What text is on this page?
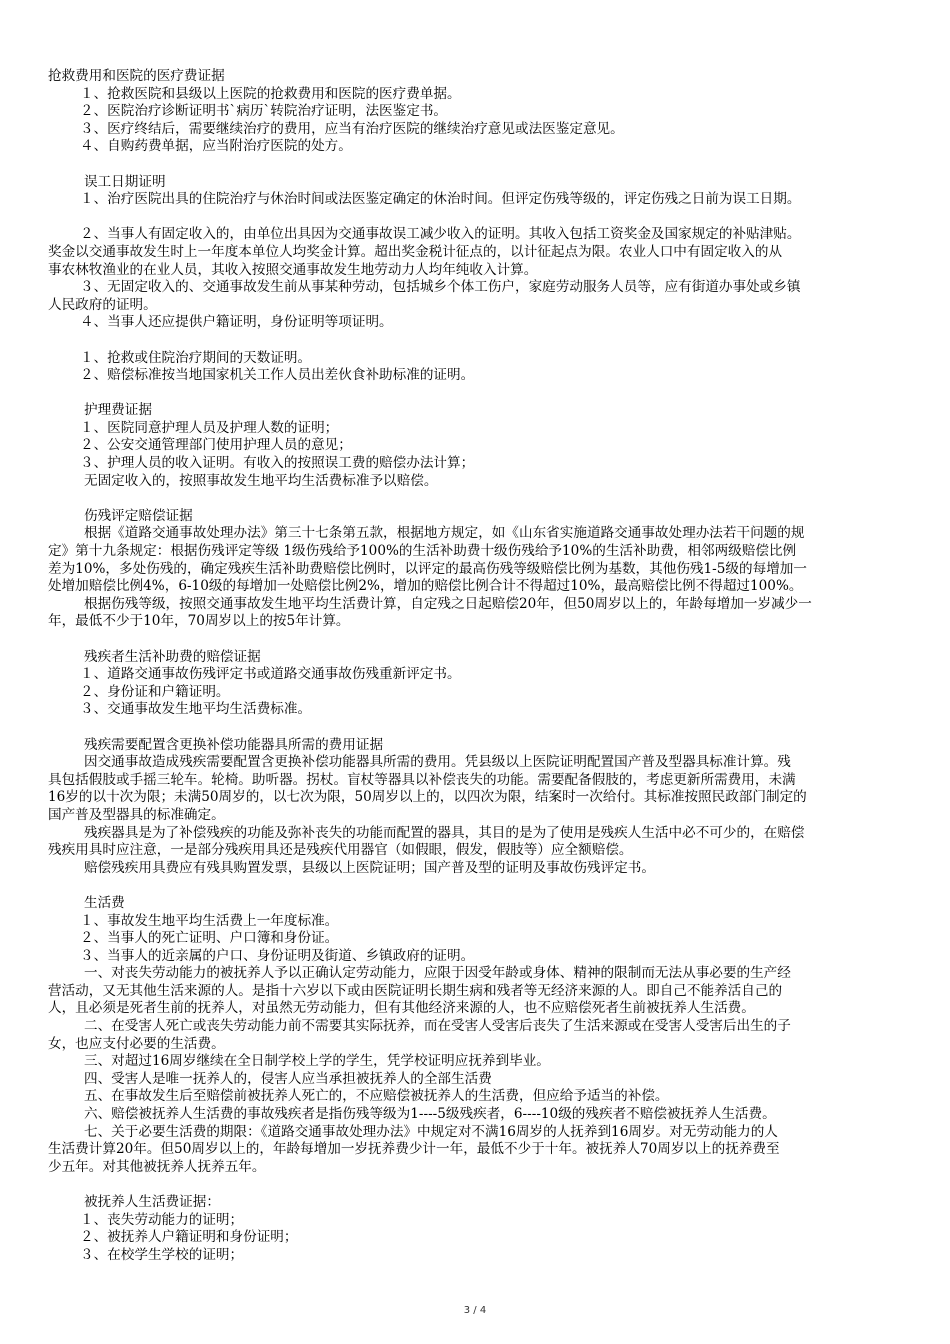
抢救费用和医院的医疗费证据
１、抢救医院和县级以上医院的抢救费用和医院的医疗费单据。
２、医院治疗诊断证明书`病历`转院治疗证明，法医鉴定书。
３、医疗终结后，需要继续治疗的费用，应当有治疗医院的继续治疗意见或法医鉴定意见。
４、自购药费单据，应当附治疗医院的处方。
误工日期证明
１、治疗医院出具的住院治疗与休治时间或法医鉴定确定的休治时间。但评定伤残等级的，评定伤残之日前为误工日期。
２、当事人有固定收入的，由单位出具因为交通事故误工减少收入的证明。其收入包括工资奖金及国家规定的补贴津贴。
奖金以交通事故发生时上一年度本单位人均奖金计算。超出奖金税计征点的，以计征起点为限。农业人口中有固定收入的从
事农林牧渔业的在业人员，其收入按照交通事故发生地劳动力人均年纯收入计算。
３、无固定收入的、交通事故发生前从事某种劳动，包括城乡个体工伤户，家庭劳动服务人员等，应有街道办事处或乡镇
人民政府的证明。
４、当事人还应提供户籍证明，身份证明等项证明。
１、抢救或住院治疗期间的天数证明。
２、赔偿标准按当地国家机关工作人员出差伙食补助标准的证明。
护理费证据
１、医院同意护理人员及护理人数的证明；
２、公安交通管理部门使用护理人员的意见；
３、护理人员的收入证明。有收入的按照误工费的赔偿办法计算；
无固定收入的，按照事故发生地平均生活费标准予以赔偿。
伤残评定赔偿证据
根据《道路交通事故处理办法》第三十七条第五款，根据地方规定，如《山东省实施道路交通事故处理办法若干问题的规
定》第十九条规定：根据伤残评定等级 1级伤残给予100%的生活补助费十级伤残给予10%的生活补助费，相邻两级赔偿比例
差为10%，多处伤残的，确定残疾生活补助费赔偿比例时，以评定的最高伤残等级赔偿比例为基数，其他伤残1-5级的每增加一
处增加赔偿比例4%，6-10级的每增加一处赔偿比例2%，增加的赔偿比例合计不得超过10%，最高赔偿比例不得超过100%。
根据伤残等级，按照交通事故发生地平均生活费计算，自定残之日起赔偿20年，但50周岁以上的，年龄每增加一岁减少一
年，最低不少于10年，70周岁以上的按5年计算。
残疾者生活补助费的赔偿证据
１、道路交通事故伤残评定书或道路交通事故伤残重新评定书。
２、身份证和户籍证明。
３、交通事故发生地平均生活费标准。
残疾需要配置含更换补偿功能器具所需的费用证据
因交通事故造成残疾需要配置含更换补偿功能器具所需的费用。凭县级以上医院证明配置国产普及型器具标准计算。残
具包括假肢或手摇三轮车。轮椅。助听器。拐杖。盲杖等器具以补偿丧失的功能。需要配备假肢的，考虑更新所需费用，未满
16岁的以十次为限；未满50周岁的，以七次为限，50周岁以上的，以四次为限，结案时一次给付。其标准按照民政部门制定的
国产普及型器具的标准确定。
残疾器具是为了补偿残疾的功能及弥补丧失的功能而配置的器具，其目的是为了使用是残疾人生活中必不可少的，在赔偿
残疾用具时应注意，一是部分残疾用具还是残疾代用器官（如假眼，假发，假肢等）应全额赔偿。
赔偿残疾用具费应有残具购置发票，县级以上医院证明；国产普及型的证明及事故伤残评定书。
生活费
１、事故发生地平均生活费上一年度标准。
２、当事人的死亡证明、户口簿和身份证。
３、当事人的近亲属的户口、身份证明及街道、乡镇政府的证明。
一、对丧失劳动能力的被抚养人予以正确认定劳动能力，应限于因受年龄或身体、精神的限制而无法从事必要的生产经
营活动，又无其他生活来源的人。是指十六岁以下或由医院证明长期生病和残者等无经济来源的人。即自己不能养活自己的
人，且必须是死者生前的抚养人，对虽然无劳动能力，但有其他经济来源的人，也不应赔偿死者生前被抚养人生活费。
二、在受害人死亡或丧失劳动能力前不需要其实际抚养，而在受害人受害后丧失了生活来源或在受害人受害后出生的子
女，也应支付必要的生活费。
三、对超过16周岁继续在全日制学校上学的学生，凭学校证明应抚养到毕业。
四、受害人是唯一抚养人的，侵害人应当承担被抚养人的全部生活费
五、在事故发生后至赔偿前被抚养人死亡的，不应赔偿被抚养人的生活费，但应给予适当的补偿。
六、赔偿被抚养人生活费的事故残疾者是指伤残等级为1----5级残疾者，6----10级的残疾者不赔偿被抚养人生活费。
七、关于必要生活费的期限：《道路交通事故处理办法》中规定对不满16周岁的人抚养到16周岁。对无劳动能力的人
生活费计算20年。但50周岁以上的，年龄每增加一岁抚养费少计一年，最低不少于十年。被抚养人70周岁以上的抚养费至
少五年。对其他被抚养人抚养五年。
被抚养人生活费证据：
１、丧失劳动能力的证明；
２、被抚养人户籍证明和身份证明；
３、在校学生学校的证明；
3 / 4
